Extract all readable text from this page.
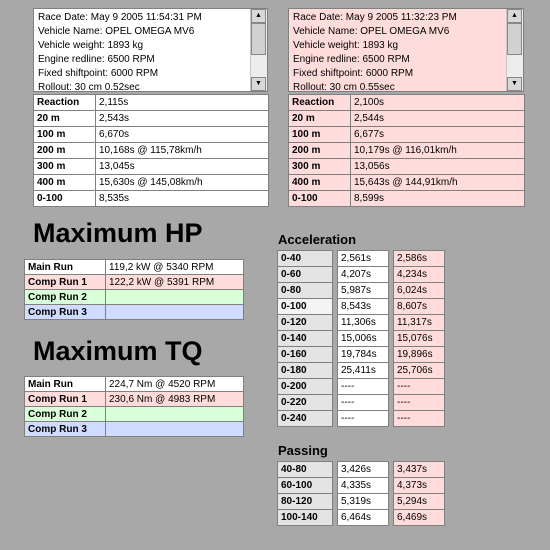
Race Date: May 9 2005 11:54:31 PM
Vehicle Name: OPEL OMEGA MV6
Vehicle weight: 1893 kg
Engine redline: 6500 RPM
Fixed shiftpoint: 6000 RPM
Rollout: 30 cm 0.52sec
▲
▼
Race Date: May 9 2005 11:32:23 PM
Vehicle Name: OPEL OMEGA MV6
Vehicle weight: 1893 kg
Engine redline: 6500 RPM
Fixed shiftpoint: 6000 RPM
Rollout: 30 cm 0.55sec
▲
▼
Reaction	2,115s
20 m	2,543s
100 m	6,670s
200 m	10,168s @ 115,78km/h
300 m	13,045s
400 m	15,630s @ 145,08km/h
0-100	8,535s
Reaction	2,100s
20 m	2,544s
100 m	6,677s
200 m	10,179s @ 116,01km/h
300 m	13,056s
400 m	15,643s @ 144,91km/h
0-100	8,599s
Maximum HP
Main Run	119,2 kW @ 5340 RPM
Comp Run 1	122,2 kW @ 5391 RPM
Comp Run 2	
Comp Run 3	
Maximum TQ
Main Run	224,7 Nm @ 4520 RPM
Comp Run 1	230,6 Nm @ 4983 RPM
Comp Run 2	
Comp Run 3	
Acceleration
0-40		2,561s		2,586s
0-60		4,207s		4,234s
0-80		5,987s		6,024s
0-100		8,543s		8,607s
0-120		11,306s		11,317s
0-140		15,006s		15,076s
0-160		19,784s		19,896s
0-180		25,411s		25,706s
0-200		----		----
0-220		----		----
0-240		----		----
Passing
40-80		3,426s		3,437s
60-100		4,335s		4,373s
80-120		5,319s		5,294s
100-140		6,464s		6,469s
